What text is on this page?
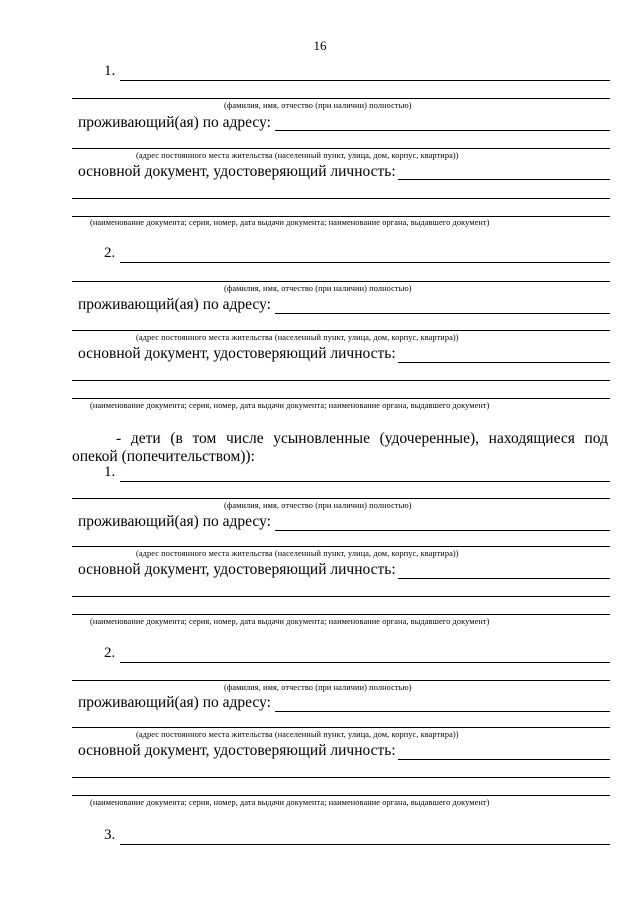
16
1.
(фамилия, имя, отчество (при наличии) полностью)
проживающий(ая) по адресу:
(адрес постоянного места жительства (населенный пункт, улица, дом, корпус, квартира))
основной документ, удостоверяющий личность:
(наименование документа; серия, номер, дата выдачи документа; наименование органа, выдавшего документ)
2.
(фамилия, имя, отчество (при наличии) полностью)
проживающий(ая) по адресу:
(адрес постоянного места жительства (населенный пункт, улица, дом, корпус, квартира))
основной документ, удостоверяющий личность:
(наименование документа; серия, номер, дата выдачи документа; наименование органа, выдавшего документ)
- дети (в том числе усыновленные (удочеренные), находящиеся под опекой (попечительством)):
1.
(фамилия, имя, отчество (при наличии) полностью)
проживающий(ая) по адресу:
(адрес постоянного места жительства (населенный пункт, улица, дом, корпус, квартира))
основной документ, удостоверяющий личность:
(наименование документа; серия, номер, дата выдачи документа; наименование органа, выдавшего документ)
2.
(фамилия, имя, отчество (при наличии) полностью)
проживающий(ая) по адресу:
(адрес постоянного места жительства (населенный пункт, улица, дом, корпус, квартира))
основной документ, удостоверяющий личность:
(наименование документа; серия, номер, дата выдачи документа; наименование органа, выдавшего документ)
3.
